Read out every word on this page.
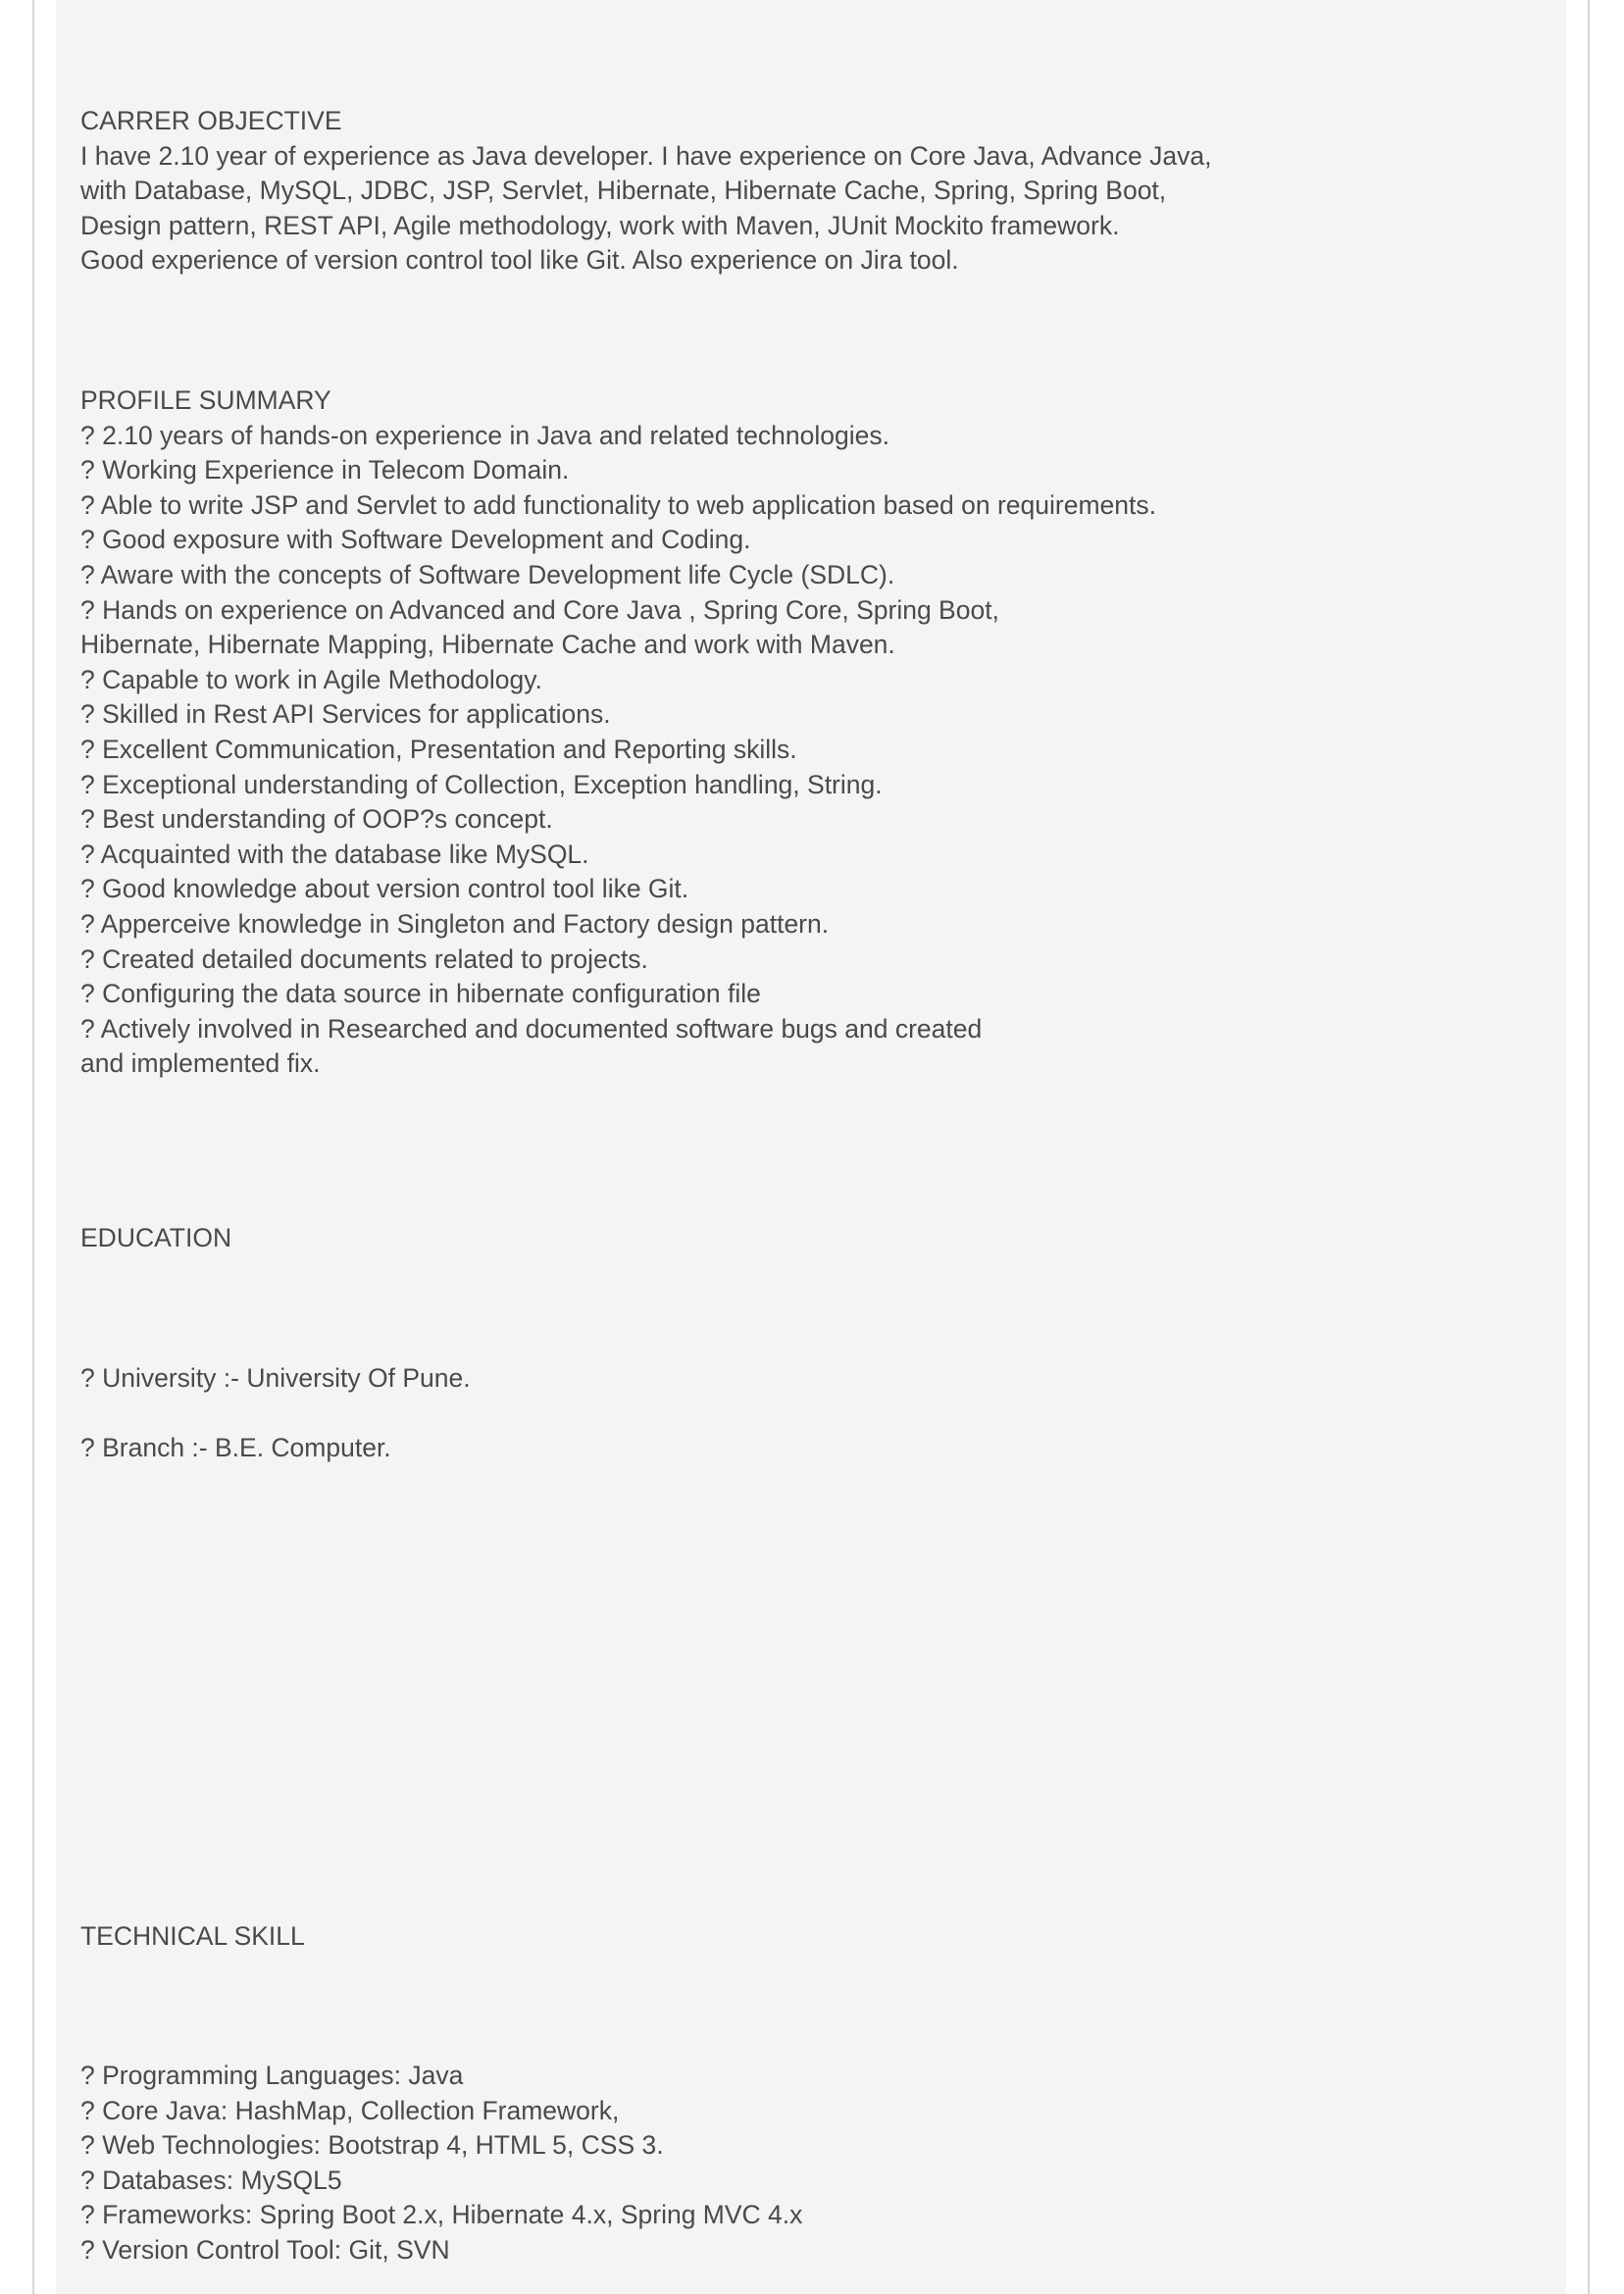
CARRER OBJECTIVE
I have 2.10 year of experience as Java developer. I have experience on Core Java, Advance Java,
with Database, MySQL, JDBC, JSP, Servlet, Hibernate, Hibernate Cache, Spring, Spring Boot,
Design pattern, REST API, Agile methodology, work with Maven, JUnit Mockito framework.
Good experience of version control tool like Git. Also experience on Jira tool.
PROFILE SUMMARY
? 2.10 years of hands-on experience in Java and related technologies.
? Working Experience in Telecom Domain.
? Able to write JSP and Servlet to add functionality to web application based on requirements.
? Good exposure with Software Development and Coding.
? Aware with the concepts of Software Development life Cycle (SDLC).
? Hands on experience on Advanced and Core Java , Spring Core, Spring Boot,
Hibernate, Hibernate Mapping, Hibernate Cache and work with Maven.
? Capable to work in Agile Methodology.
? Skilled in Rest API Services for applications.
? Excellent Communication, Presentation and Reporting skills.
? Exceptional understanding of Collection, Exception handling, String.
? Best understanding of OOP?s concept.
? Acquainted with the database like MySQL.
? Good knowledge about version control tool like Git.
? Apperceive knowledge in Singleton and Factory design pattern.
? Created detailed documents related to projects.
? Configuring the data source in hibernate configuration file
? Actively involved in Researched and documented software bugs and created
and implemented fix.
EDUCATION
? University :- University Of Pune.
? Branch :- B.E. Computer.
TECHNICAL SKILL
? Programming Languages: Java
? Core Java: HashMap, Collection Framework,
? Web Technologies: Bootstrap 4, HTML 5, CSS 3.
? Databases: MySQL5
? Frameworks: Spring Boot 2.x, Hibernate 4.x, Spring MVC 4.x
? Version Control Tool: Git, SVN
